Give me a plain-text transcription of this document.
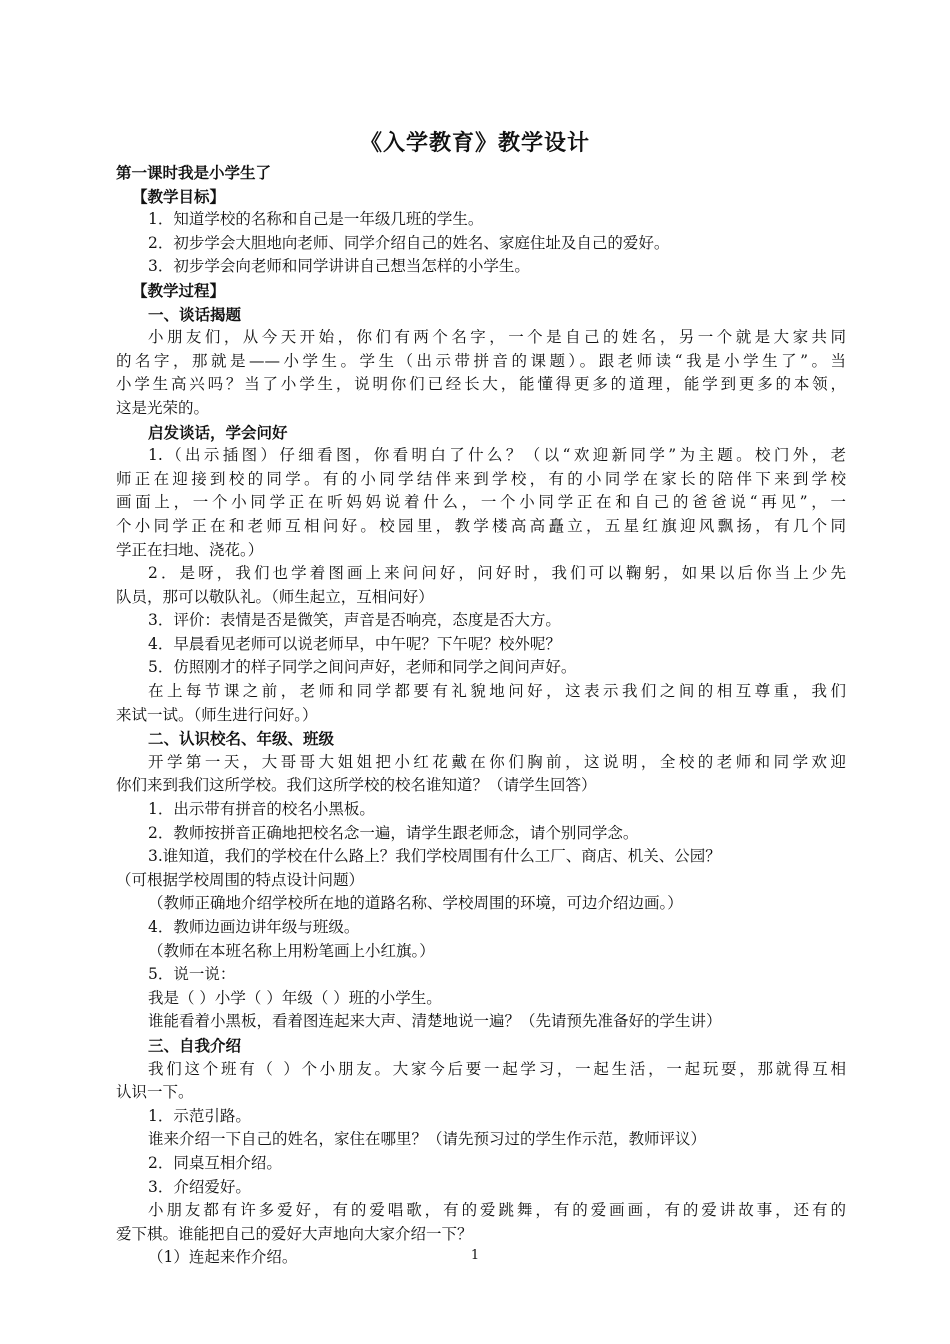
《入学教育》教学设计
第一课时我是小学生了
【教学目标】
1．知道学校的名称和自己是一年级几班的学生。
2．初步学会大胆地向老师、同学介绍自己的姓名、家庭住址及自己的爱好。
3．初步学会向老师和同学讲讲自己想当怎样的小学生。
【教学过程】
一、谈话揭题
小朋友们，从今天开始，你们有两个名字，一个是自己的姓名，另一个就是大家共同
的名字，那就是——小学生。学生（出示带拼音的课题）。跟老师读“我是小学生了”。当
小学生高兴吗？当了小学生，说明你们已经长大，能懂得更多的道理，能学到更多的本领，
这是光荣的。
启发谈话，学会问好
1.（出示插图）仔细看图，你看明白了什么？（以“欢迎新同学”为主题。校门外，老
师正在迎接到校的同学。有的小同学结伴来到学校，有的小同学在家长的陪伴下来到学校
画面上，一个小同学正在听妈妈说着什么，一个小同学正在和自己的爸爸说“再见”，一
个小同学正在和老师互相问好。校园里，教学楼高高矗立，五星红旗迎风飘扬，有几个同
学正在扫地、浇花。）
2．是呀，我们也学着图画上来问问好，问好时，我们可以鞠躬，如果以后你当上少先
队员，那可以敬队礼。（师生起立，互相问好）
3．评价：表情是否是微笑，声音是否响亮，态度是否大方。
4．早晨看见老师可以说老师早，中午呢？下午呢？校外呢？
5．仿照刚才的样子同学之间问声好，老师和同学之间问声好。
在上每节课之前，老师和同学都要有礼貌地问好，这表示我们之间的相互尊重，我们
来试一试。（师生进行问好。）
二、认识校名、年级、班级
开学第一天，大哥哥大姐姐把小红花戴在你们胸前，这说明，全校的老师和同学欢迎
你们来到我们这所学校。我们这所学校的校名谁知道？（请学生回答）
1．出示带有拼音的校名小黑板。
2．教师按拼音正确地把校名念一遍，请学生跟老师念，请个别同学念。
3.谁知道，我们的学校在什么路上？我们学校周围有什么工厂、商店、机关、公园？
（可根据学校周围的特点设计问题）
（教师正确地介绍学校所在地的道路名称、学校周围的环境，可边介绍边画。）
4．教师边画边讲年级与班级。
（教师在本班名称上用粉笔画上小红旗。）
5．说一说：
我是（ ）小学（ ）年级（ ）班的小学生。
谁能看着小黑板，看着图连起来大声、清楚地说一遍？（先请预先准备好的学生讲）
三、自我介绍
我们这个班有（ ）个小朋友。大家今后要一起学习，一起生活，一起玩耍，那就得互相
认识一下。
1．示范引路。
谁来介绍一下自己的姓名，家住在哪里？（请先预习过的学生作示范，教师评议）
2．同桌互相介绍。
3．介绍爱好。
小朋友都有许多爱好，有的爱唱歌，有的爱跳舞，有的爱画画，有的爱讲故事，还有的
爱下棋。谁能把自己的爱好大声地向大家介绍一下？
（1）连起来作介绍。	1
